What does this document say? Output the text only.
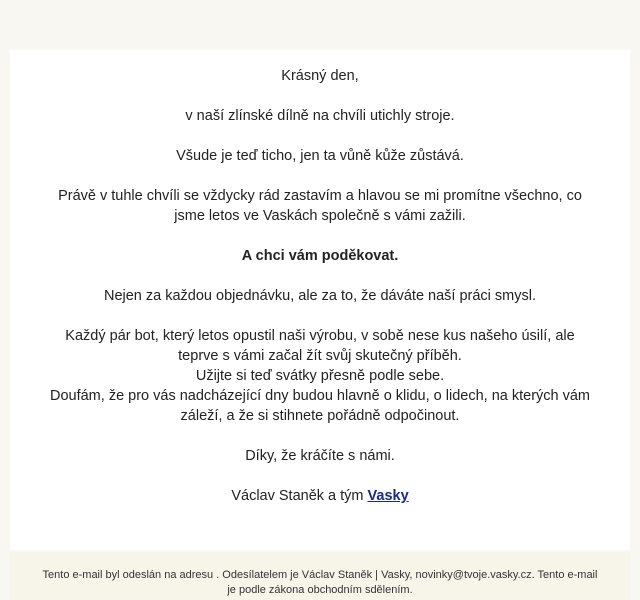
Krásný den,

v naší zlínské dílně na chvíli utichly stroje.

Všude je teď ticho, jen ta vůně kůže zůstává.

Právě v tuhle chvíli se vždycky rád zastavím a hlavou se mi promítne všechno, co jsme letos ve Vaskách společně s vámi zažili.

A chci vám poděkovat.

Nejen za každou objednávku, ale za to, že dáváte naší práci smysl.

Každý pár bot, který letos opustil naši výrobu, v sobě nese kus našeho úsilí, ale teprve s vámi začal žít svůj skutečný příběh.

Užijte si teď svátky přesně podle sebe.

Doufám, že pro vás nadcházející dny budou hlavně o klidu, o lidech, na kterých vám záleží, a že si stihnete pořádně odpočinout.

Díky, že kráčíte s námi.

Václav Staněk a tým Vasky

Tento e-mail byl odeslán na adresu . Odesílatelem je Václav Staněk | Vasky, novinky@tvoje.vasky.cz. Tento e-mail je podle zákona obchodním sdělením.
